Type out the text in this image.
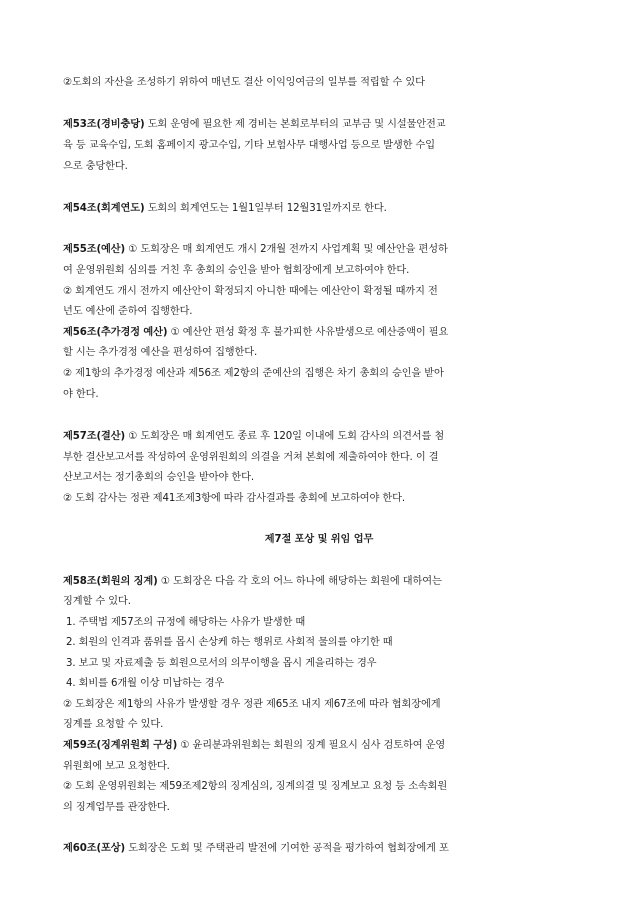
②도회의 자산을 조성하기 위하여 매년도 결산 이익잉여금의 일부를 적립할 수 있다
제53조(경비충당) 도회 운영에 필요한 제 경비는 본회로부터의 교부금 및 시설물안전교
육 등 교육수입, 도회 홈페이지 광고수입, 기타 보험사무 대행사업 등으로 발생한 수입
으로 충당한다.
제54조(회계연도) 도회의 회계연도는 1월1일부터 12월31일까지로 한다.
제55조(예산) ① 도회장은 매 회계연도 개시 2개월 전까지 사업계획 및 예산안을 편성하
여 운영위원회 심의를 거친 후 총회의 승인을 받아 협회장에게 보고하여야 한다.
② 회계연도 개시 전까지 예산안이 확정되지 아니한 때에는 예산안이 확정될 때까지 전
년도 예산에 준하여 집행한다.
제56조(추가경정 예산) ① 예산안 편성 확정 후 불가피한 사유발생으로 예산증액이 필요
할 시는 추가경정 예산을 편성하여 집행한다.
② 제1항의 추가경정 예산과 제56조 제2항의 준예산의 집행은 차기 총회의 승인을 받아
야 한다.
제57조(결산) ① 도회장은 매 회계연도 종료 후 120일 이내에 도회 감사의 의견서를 첨
부한 결산보고서를 작성하여 운영위원회의 의결을 거쳐 본회에 제출하여야 한다. 이 결
산보고서는 정기총회의 승인을 받아야 한다.
② 도회 감사는 정관 제41조제3항에 따라 감사결과를 총회에 보고하여야 한다.
제7절 포상 및 위임 업무
제58조(회원의 징계) ① 도회장은 다음 각 호의 어느 하나에 해당하는 회원에 대하여는
징계할 수 있다.
1. 주택법 제57조의 규정에 해당하는 사유가 발생한 때
2. 회원의 인격과 품위를 몹시 손상케 하는 행위로 사회적 물의를 야기한 때
3. 보고 및 자료제출 등 회원으로서의 의무이행을 몹시 게을리하는 경우
4. 회비를 6개월 이상 미납하는 경우
② 도회장은 제1항의 사유가 발생할 경우 정관 제65조 내지 제67조에 따라 협회장에게
징계를 요청할 수 있다.
제59조(징계위원회 구성) ① 윤리분과위원회는 회원의 징계 필요시 심사 검토하여 운영
위원회에 보고 요청한다.
② 도회 운영위원회는 제59조제2항의 징계심의, 징계의결 및 징계보고 요청 등 소속회원
의 징계업무를 관장한다.
제60조(포상) 도회장은 도회 및 주택관리 발전에 기여한 공적을 평가하여 협회장에게 포
